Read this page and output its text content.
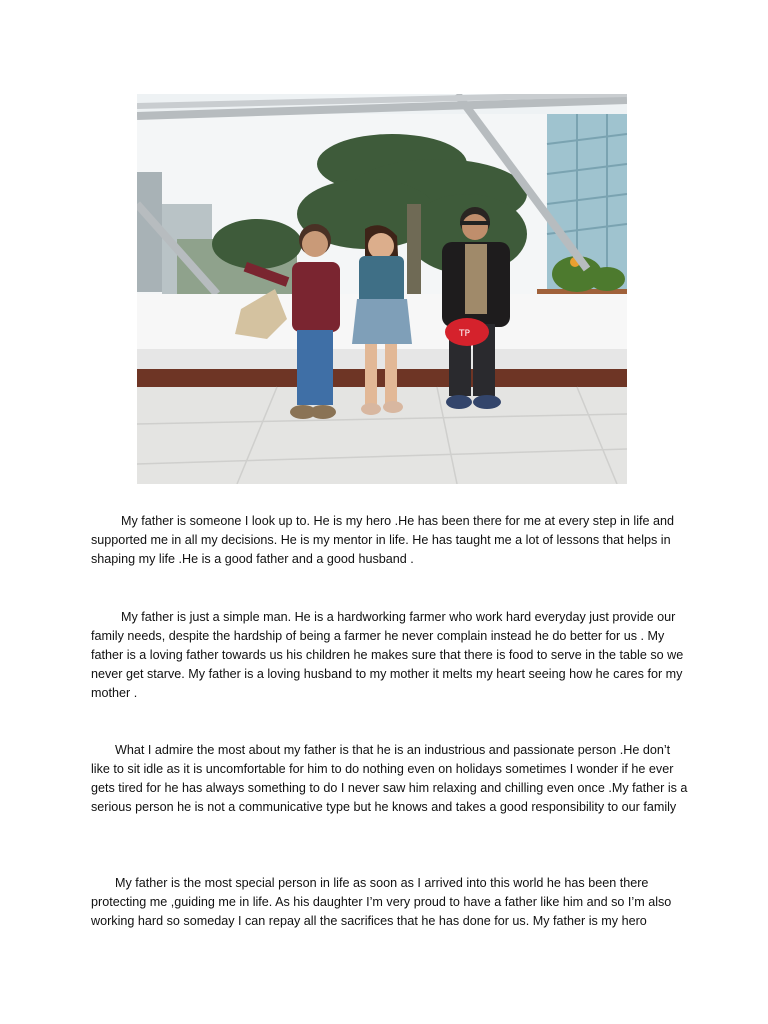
TP

My father is someone I look up to. He is my hero .He has been there for me at every step in life and supported me in all my decisions. He is my mentor in life. He has taught me a lot of lessons that helps in shaping my life .He is a good father and a good husband .

My father is just a simple man. He is a hardworking farmer who work hard everyday just provide our family needs, despite the hardship of being a farmer he never complain instead he do better for us . My father is a loving father towards us his children he makes sure that there is food to serve in the table so we never get starve. My father is a loving husband to my mother it melts my heart seeing how he cares for my mother .

What I admire the most about my father is that he is an industrious and passionate person .He don’t like to sit idle as it is uncomfortable for him to do nothing even on holidays sometimes I wonder if he ever gets tired for he has always something to do I never saw him relaxing and chilling even once .My father is a serious person he is not a communicative type but he knows and takes a good responsibility to our family

My father is the most special person in life as soon as I arrived into this world he has been there protecting me ,guiding me in life. As his daughter I’m very proud to have a father like him and so I’m also working hard so someday I can repay all the sacrifices that he has done for us. My father is my hero
